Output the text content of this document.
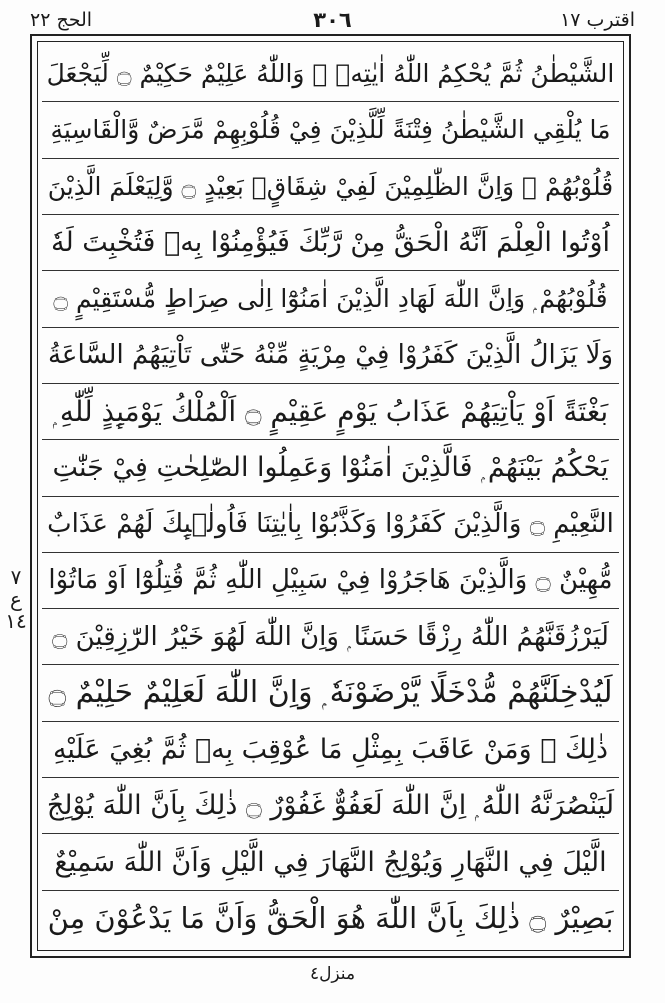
اقترب ١٧
٣٠٦
الحج ٢٢
الشَّيْطٰنُ ثُمَّ يُحْكِمُ اللّٰهُ اٰيٰتِهٖ ۭ وَاللّٰهُ عَلِيْمٌ حَكِيْمٌ ۝ لِّيَجْعَلَ
مَا يُلْقِي الشَّيْطٰنُ فِتْنَةً لِّلَّذِيْنَ فِيْ قُلُوْبِهِمْ مَّرَضٌ وَّالْقَاسِيَةِ
قُلُوْبُهُمْ ۭ وَاِنَّ الظّٰلِمِيْنَ لَفِيْ شِقَاقٍۢ بَعِيْدٍ ۝ وَّلِيَعْلَمَ الَّذِيْنَ
اُوْتُوا الْعِلْمَ اَنَّهُ الْحَقُّ مِنْ رَّبِّكَ فَيُؤْمِنُوْا بِهٖ فَتُخْبِتَ لَهٗ
قُلُوْبُهُمْ ۭ وَاِنَّ اللّٰهَ لَهَادِ الَّذِيْنَ اٰمَنُوْٓا اِلٰى صِرَاطٍ مُّسْتَقِيْمٍ ۝
وَلَا يَزَالُ الَّذِيْنَ كَفَرُوْا فِيْ مِرْيَةٍ مِّنْهُ حَتّٰى تَاْتِيَهُمُ السَّاعَةُ
بَغْتَةً اَوْ يَاْتِيَهُمْ عَذَابُ يَوْمٍ عَقِيْمٍ ۝ اَلْمُلْكُ يَوْمَىِٕذٍ لِّلّٰهِ ۭ
يَحْكُمُ بَيْنَهُمْ ۭ فَالَّذِيْنَ اٰمَنُوْا وَعَمِلُوا الصّٰلِحٰتِ فِيْ جَنّٰتِ
النَّعِيْمِ ۝ وَالَّذِيْنَ كَفَرُوْا وَكَذَّبُوْا بِاٰيٰتِنَا فَاُولٰۗىِٕكَ لَهُمْ عَذَابٌ
مُّهِيْنٌ ۝ وَالَّذِيْنَ هَاجَرُوْا فِيْ سَبِيْلِ اللّٰهِ ثُمَّ قُتِلُوْٓا اَوْ مَاتُوْا
لَيَرْزُقَنَّهُمُ اللّٰهُ رِزْقًا حَسَنًا ۭ وَاِنَّ اللّٰهَ لَهُوَ خَيْرُ الرّٰزِقِيْنَ ۝
لَيُدْخِلَنَّهُمْ مُّدْخَلًا يَّرْضَوْنَهٗ ۭ وَاِنَّ اللّٰهَ لَعَلِيْمٌ حَلِيْمٌ ۝
ذٰلِكَ ۚ وَمَنْ عَاقَبَ بِمِثْلِ مَا عُوْقِبَ بِهٖ ثُمَّ بُغِيَ عَلَيْهِ
لَيَنْصُرَنَّهُ اللّٰهُ ۭ اِنَّ اللّٰهَ لَعَفُوٌّ غَفُوْرٌ ۝ ذٰلِكَ بِاَنَّ اللّٰهَ يُوْلِجُ
الَّيْلَ فِي النَّهَارِ وَيُوْلِجُ النَّهَارَ فِي الَّيْلِ وَاَنَّ اللّٰهَ سَمِيْعٌ
بَصِيْرٌ ۝ ذٰلِكَ بِاَنَّ اللّٰهَ هُوَ الْحَقُّ وَاَنَّ مَا يَدْعُوْنَ مِنْ
٧
ع
١٤
منزل٤
